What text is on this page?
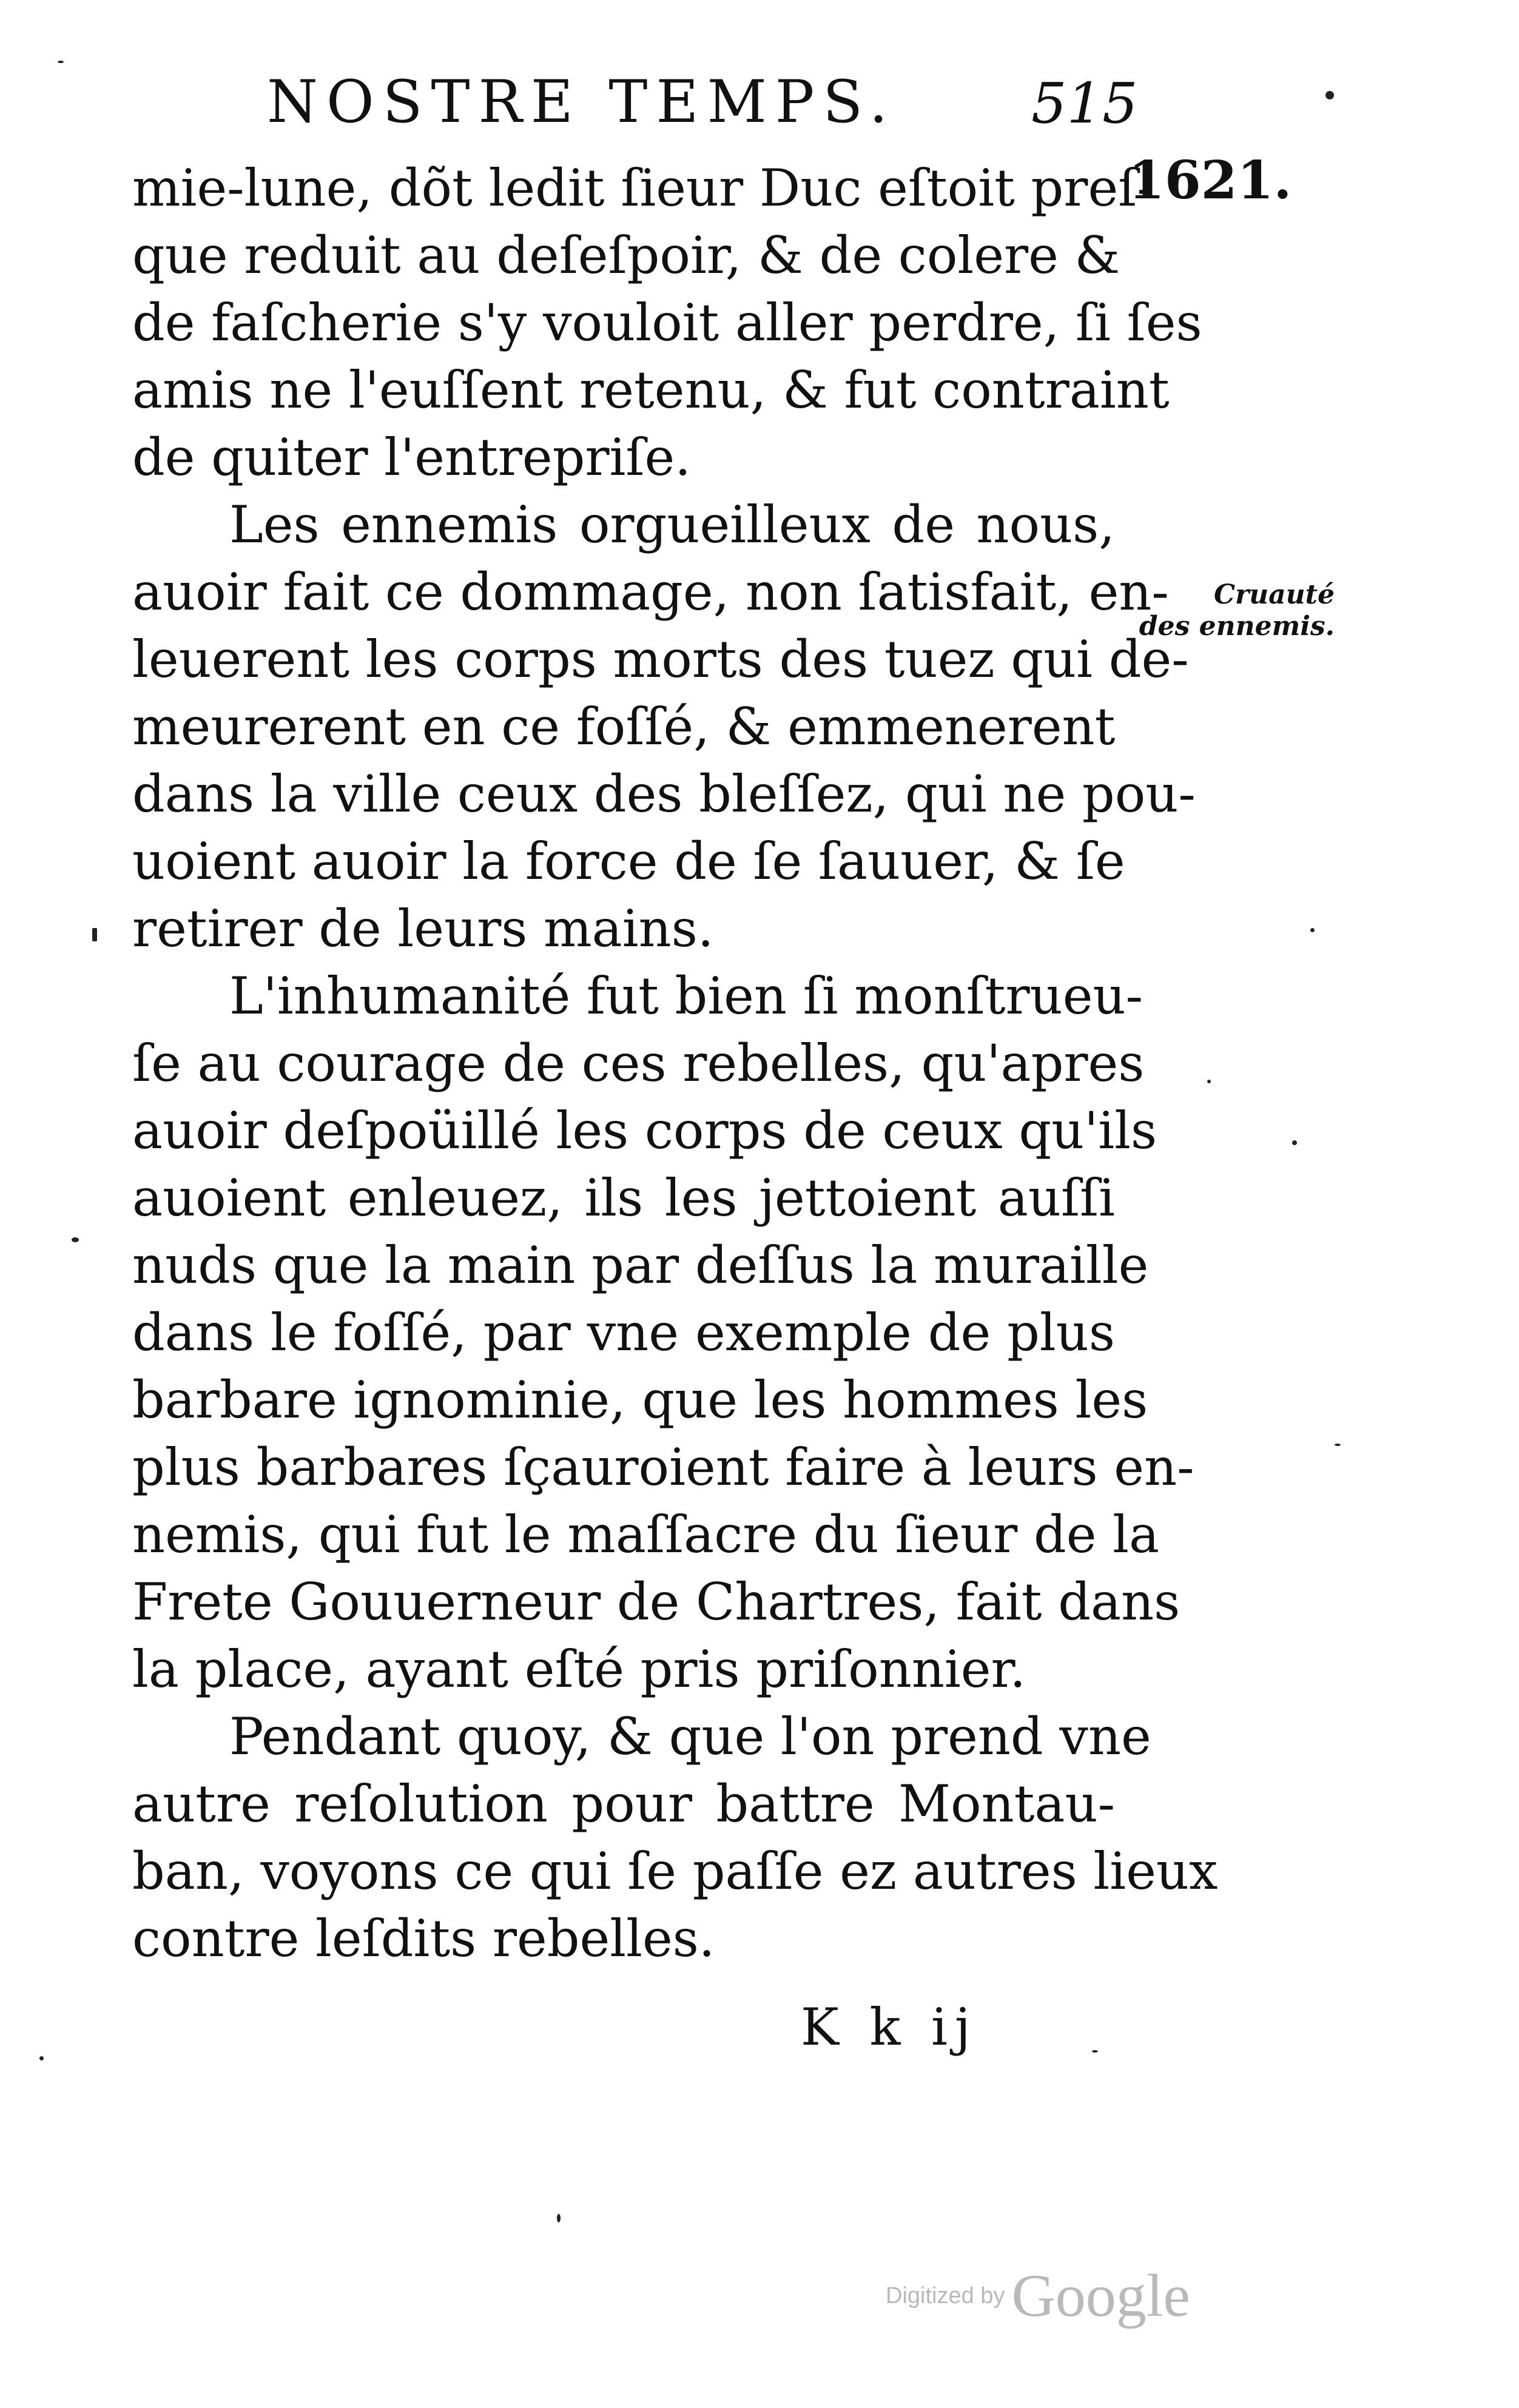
NOSTRE TEMPS. 515
1621.
mie-lune, dõt ledit ſieur Duc eſtoit preſ-
que reduit au deſeſpoir, & de colere &
de faſcherie s'y vouloit aller perdre, ſi ſes
amis ne l'euſſent retenu, & fut contraint
de quiter l'entrepriſe.
Les ennemis orgueilleux de nous,
auoir fait ce dommage, non ſatisfait, en-
leuerent les corps morts des tuez qui de-
meurerent en ce foſſé, & emmenerent
dans la ville ceux des bleſſez, qui ne pou-
uoient auoir la force de ſe ſauuer, & ſe
retirer de leurs mains.
L'inhumanité fut bien ſi monſtrueu-
ſe au courage de ces rebelles, qu'apres
auoir deſpoüillé les corps de ceux qu'ils
auoient enleuez, ils les jettoient auſſi
nuds que la main par deſſus la muraille
dans le foſſé, par vne exemple de plus
barbare ignominie, que les hommes les
plus barbares ſçauroient faire à leurs en-
nemis, qui fut le maſſacre du ſieur de la
Frete Gouuerneur de Chartres, fait dans
la place, ayant eſté pris priſonnier.
Pendant quoy, & que l'on prend vne
autre reſolution pour battre Montau-
ban, voyons ce qui ſe paſſe ez autres lieux
contre leſdits rebelles.
Cruauté
des ennemis.
K k ij
Digitized by Google
